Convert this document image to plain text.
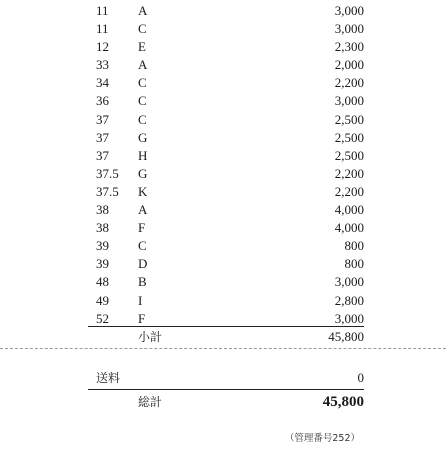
11 A	3,000
11 C	3,000
12 E	2,300
33 A	2,000
34 C	2,200
36 C	3,000
37 C	2,500
37 G	2,500
37 H	2,500
37.5 G	2,200
37.5 K	2,200
38 A	4,000
38 F	4,000
39 C	800
39 D	800
48 B	3,000
49 I	2,800
52 F	3,000
小計	45,800
送料	0
総計	45,800
（管理番号252）
